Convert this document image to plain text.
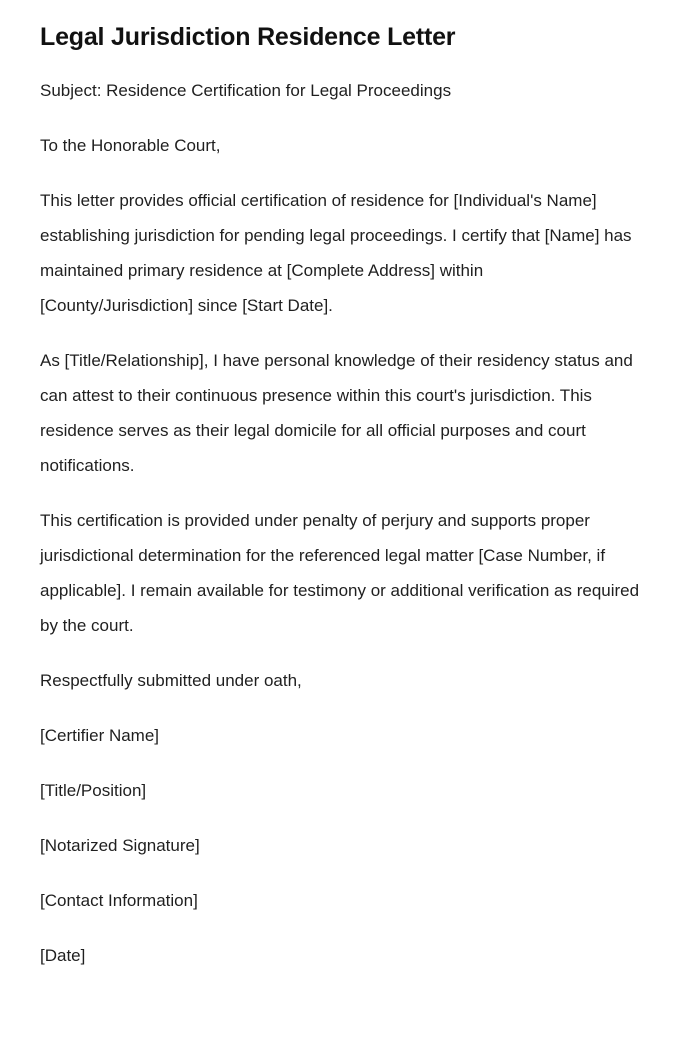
Legal Jurisdiction Residence Letter

Subject: Residence Certification for Legal Proceedings

To the Honorable Court,

This letter provides official certification of residence for [Individual's Name] establishing jurisdiction for pending legal proceedings. I certify that [Name] has maintained primary residence at [Complete Address] within [County/Jurisdiction] since [Start Date].

As [Title/Relationship], I have personal knowledge of their residency status and can attest to their continuous presence within this court's jurisdiction. This residence serves as their legal domicile for all official purposes and court notifications.

This certification is provided under penalty of perjury and supports proper jurisdictional determination for the referenced legal matter [Case Number, if applicable]. I remain available for testimony or additional verification as required by the court.

Respectfully submitted under oath,

[Certifier Name]

[Title/Position]

[Notarized Signature]

[Contact Information]

[Date]
